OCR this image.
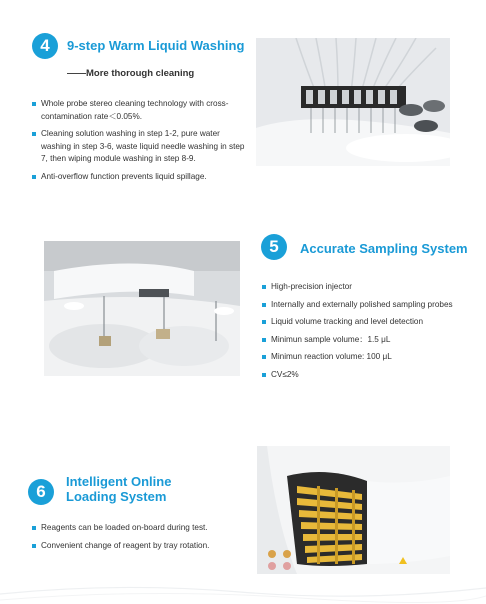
4 9-step Warm Liquid Washing
——More thorough cleaning
Whole probe stereo cleaning technology with cross-contamination rate＜0.05%.
Cleaning solution washing in step 1-2, pure water washing in step 3-6, waste liquid needle washing in step 7, then wiping module washing in step 8-9.
Anti-overflow function prevents liquid spillage.
5 Accurate Sampling System
High-precision injector
Internally and externally polished sampling probes
Liquid volume tracking and level detection
Minimun sample volume：1.5 μL
Minimun reaction volume: 100 μL
CV≤2%
6
Intelligent Online
Loading System
Reagents can be loaded on-board during test.
Convenient change of reagent by tray rotation.
